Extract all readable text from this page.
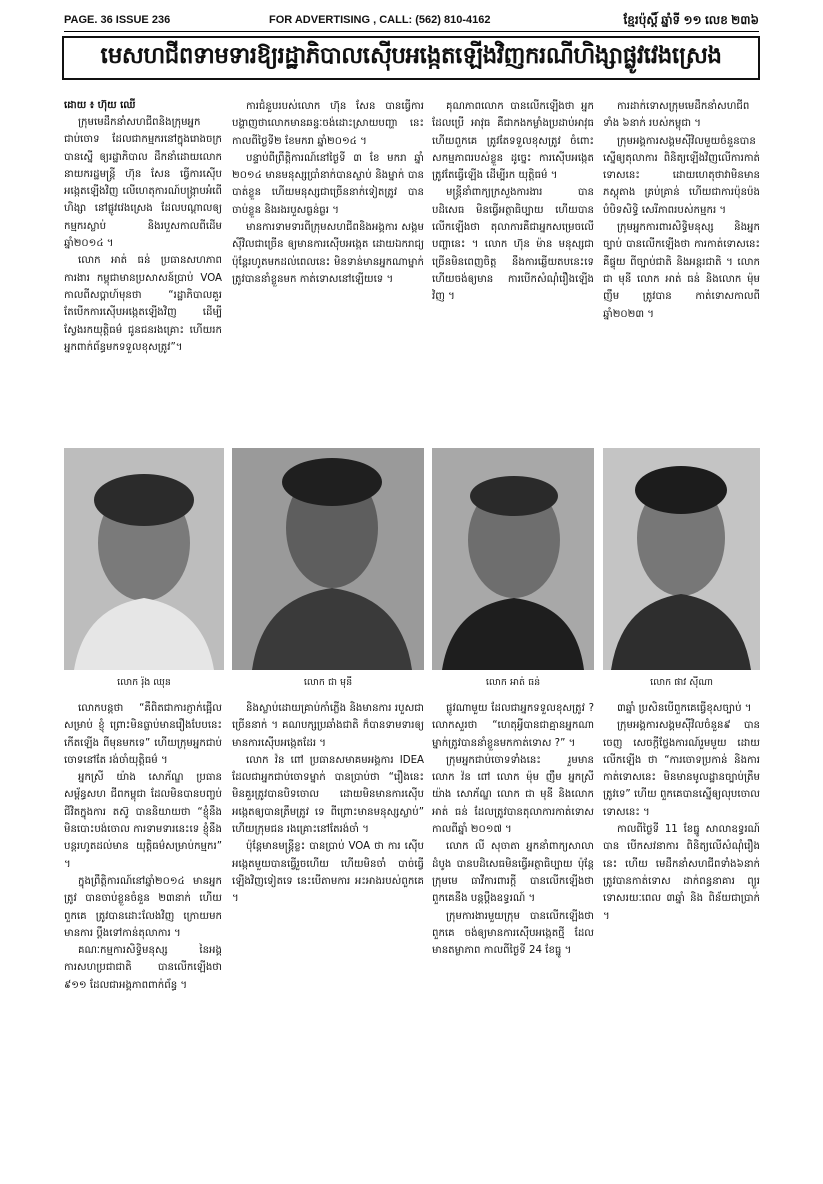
PAGE. 36 ISSUE 236	FOR ADVERTISING , CALL: (562) 810-4162	ខ្មែរប៉ុស្តិ៍ ឆ្នាំទី ១១ លេខ ២៣៦
មេសហជីព​ទាមទារ​ឱ្យ​រដ្ឋាភិបាល​ស៊ើប​អង្កេត​ឡើង​វិញ​ករណី​ហិង្សា​ផ្លូវ​វេង​ស្រេង
ដោយ ៖ ហ៊ុយ ឈើ

ក្រុមមេដឹកនាំសហជីពនិងក្រុមអ្នកជាប់ចោទ ដែលជាកម្មករនៅក្នុងរោងចក្រ បានស្នើ ឲ្យរដ្ឋាភិបាល ដឹកនាំដោយលោកនាយករដ្ឋមន្ត្រី ហ៊ុន សែន ធ្វើការស៊ើបអង្កេតឡើងវិញ លើហេតុការណ៍បង្ក្រាបអំពើហិង្សា នៅផ្លូវវេងស្រេង ដែលបណ្ដាលឲ្យកម្មករស្លាប់ និងរបួសកាលពីដើមឆ្នាំ២០១៤ ។

លោក អាត់ ធន់ ប្រធានសហភាពការងារ កម្ពុជាមានប្រសាសន៍ប្រាប់ VOA កាលពីសប្ដាហ៍មុនថា “រដ្ឋាភិបាលគួរតែបើកការស៊ើបអង្កេតឡើងវិញ ដើម្បីស្វែងរកយុត្តិធម៌ ជូនជនរងគ្រោះ ហើយរកអ្នកពាក់ព័ន្ធមកទទួលខុសត្រូវ”។

ការជំនួបរបស់លោក ហ៊ុន សែន បានធ្វើការ បង្ហាញថាលោកមានឆន្ទៈចង់ដោះស្រាយបញ្ហា នេះ កាលពីថ្ងៃទី២ ខែមករា ឆ្នាំ២០១៤ ។

បន្ទាប់ពីព្រឹត្តិការណ៍នៅថ្ងៃទី ៣ ខែ មករា ឆ្នាំ ២០១៤ មានមនុស្សប្រាំនាក់បានស្លាប់ និងម្នាក់ បានបាត់ខ្លួន ហើយមនុស្សជាច្រើននាក់ទៀតត្រូវ បានចាប់ខ្លួន និងរងរបួសធ្ងន់ធ្ងរ ។

មានការទាមទារពីក្រុមសហជីពនិងអង្គការ សង្គមស៊ីវិលជាច្រើន ឲ្យមានការស៊ើបអង្កេត ដោយឯករាជ្យ ប៉ុន្តែរហូតមកដល់ពេលនេះ មិនទាន់មានអ្នកណាម្នាក់ត្រូវបាននាំខ្លួនមក កាត់ទោសនៅឡើយទេ ។

គុណភាពលោក បានលើកឡើងថា អ្នកដែលប្រើ អាវុធ គឺជាកងកម្លាំងប្រដាប់អាវុធ ហើយពួកគេ ត្រូវតែទទួលខុសត្រូវ ចំពោះសកម្មភាពរបស់ខ្លួន ដូច្នេះ ការស៊ើបអង្កេតត្រូវតែធ្វើឡើង ដើម្បីរក យុត្តិធម៌ ។

មន្ត្រីនាំពាក្យក្រសួងការងារ បានបដិសេធ មិនធ្វើអត្ថាធិប្បាយ ហើយបានលើកឡើងថា តុលាការគឺជាអ្នកសម្រេចលើបញ្ហានេះ ។ លោក ហ៊ុន ម៉ាន មនុស្សជាច្រើនមិនពេញចិត្ត នឹងការឆ្លើយតបនេះទេ ហើយចង់ឲ្យមាន ការបើកសំណុំរឿងឡើងវិញ ។

ការដាក់ទោសក្រុមមេដឹកនាំសហជីពទាំង ៦នាក់ របស់កម្ពុជា ។

ក្រុមអង្គការសង្គមស៊ីវិលមួយចំនួនបាន ស្នើឲ្យតុលាការ ពិនិត្យឡើងវិញលើការកាត់ ទោសនេះ ដោយហេតុថាវាមិនមានភស្តុតាង គ្រប់គ្រាន់ ហើយជាការប៉ុនប៉ងបំបិទសិទ្ធិ សេរីភាពរបស់កម្មករ ។

ក្រុមអ្នកការពារសិទ្ធិមនុស្ស និងអ្នកច្បាប់ បានលើកឡើងថា ការកាត់ទោសនេះ គឺផ្ទុយ ពីច្បាប់ជាតិ និងអន្តរជាតិ ។ លោក ជា មុនី លោក អាត់ ធន់ និងលោក ម៉ុម ញឹម ត្រូវបាន កាត់ទោសកាលពីឆ្នាំ២០២៣ ។

លោក រ៉ុង ឈុន	លោក ជា មុនី	លោក អាត់ ធន់	លោក ផាវ ស៊ីណា

លោកបន្តថា “គឺពិតជាការភ្ញាក់ផ្អើលសម្រាប់ ខ្ញុំ ព្រោះមិនធ្លាប់មានរឿងបែបនេះកើតឡើង ពីមុនមកទេ” ហើយក្រុមអ្នកជាប់ចោទនៅតែ រង់ចាំយុត្តិធម៌ ។

អ្នកស្រី យ៉ាង សោភ័ណ្ឌ ប្រធានសម្ព័ន្ធសហ ជីពកម្ពុជា ដែលមិនបានបញ្ចប់ជីវិតក្នុងការ តស៊ូ បាននិយាយថា “ខ្ញុំនឹងមិនបោះបង់ចោល ការទាមទារនេះទេ ខ្ញុំនឹងបន្តរហូតដល់មាន យុត្តិធម៌សម្រាប់កម្មករ” ។

ក្នុងព្រឹត្តិការណ៍នៅឆ្នាំ២០១៤ មានអ្នកត្រូវ បានចាប់ខ្លួនចំនួន ២៣នាក់ ហើយពួកគេ ត្រូវបានដោះលែងវិញ ក្រោយមកមានការ ប្ដឹងទៅកាន់តុលាការ ។

គណៈកម្មការសិទ្ធិមនុស្ស នៃអង្គការសហប្រជាជាតិ បានលើកឡើងថា ៩១១ ដែលជាអង្គភាពពាក់ព័ន្ធ ។

និងស្លាប់ដោយគ្រាប់កាំភ្លើង និងមានការ របួសជាច្រើននាក់ ។ គណបក្សប្រឆាំងជាតិ ក៏បានទាមទារឲ្យមានការស៊ើបអង្កេតដែរ ។

លោក វ៉ន ពៅ ប្រធានសមាគមអង្គការ IDEA ដែលជាអ្នកជាប់ចោទម្នាក់ បានប្រាប់ថា “រឿងនេះមិនគួរត្រូវបានបិទចោល ដោយមិនមានការស៊ើបអង្កេតឲ្យបានត្រឹមត្រូវ ទេ ពីព្រោះមានមនុស្សស្លាប់” ហើយក្រុមជន រងគ្រោះនៅតែរង់ចាំ ។

ប៉ុន្តែមានមន្ត្រីខ្លះ បានប្រាប់ VOA ថា ការ ស៊ើបអង្កេតមួយបានធ្វើរួចហើយ ហើយមិនចាំ បាច់ធ្វើឡើងវិញទៀតទេ នេះបើតាមការ អះអាងរបស់ពួកគេ ។

ផ្លូវណាមួយ ដែលជាអ្នកទទួលខុសត្រូវ ? លោកសួរថា “ហេតុអ្វីបានជាគ្មានអ្នកណា ម្នាក់ត្រូវបាននាំខ្លួនមកកាត់ទោស ?” ។

ក្រុមអ្នកជាប់ចោទទាំងនេះ រួមមាន លោក វ៉ន ពៅ លោក ម៉ុម ញឹម អ្នកស្រី យ៉ាង សោភ័ណ្ឌ លោក ជា មុនី និងលោក អាត់ ធន់ ដែលត្រូវបានតុលាការកាត់ទោសកាលពីឆ្នាំ ២០១៧ ។

លោក លី សុចាតា អ្នកនាំពាក្យសាលាដំបូង បានបដិសេធមិនធ្វើអត្ថាធិប្បាយ ប៉ុន្តែក្រុមមេ ធាវីការពារក្ដី បានលើកឡើងថា ពួកគេនឹង បន្តប្ដឹងឧទ្ធរណ៍ ។

ក្រុមការងារមួយក្រុម បានលើកឡើងថា ពួកគេ ចង់ឲ្យមានការស៊ើបអង្កេតថ្មី ដែលមានតម្លាភាព កាលពីថ្ងៃទី 24 ខែធ្នូ ។

៣ឆ្នាំ ប្រសិនបើពួកគេធ្វើខុសច្បាប់ ។

ក្រុមអង្គការសង្គមស៊ីវិលចំនួន៩ បានចេញ សេចក្ដីថ្លែងការណ៍រួមមួយ ដោយលើកឡើង ថា “ការចោទប្រកាន់ និងការកាត់ទោសនេះ មិនមានមូលដ្ឋានច្បាប់ត្រឹមត្រូវទេ” ហើយ ពួកគេបានស្នើឲ្យលុបចោលទោសនេះ ។

កាលពីថ្ងៃទី 11 ខែធ្នូ សាលាឧទ្ធរណ៍បាន បើកសវនាការ ពិនិត្យលើសំណុំរឿងនេះ ហើយ មេដឹកនាំសហជីពទាំង៦នាក់ត្រូវបានកាត់ទោស ដាក់ពន្ធនាគារ ព្យួរទោសរយៈពេល ៣ឆ្នាំ និង ពិន័យជាប្រាក់ ។
